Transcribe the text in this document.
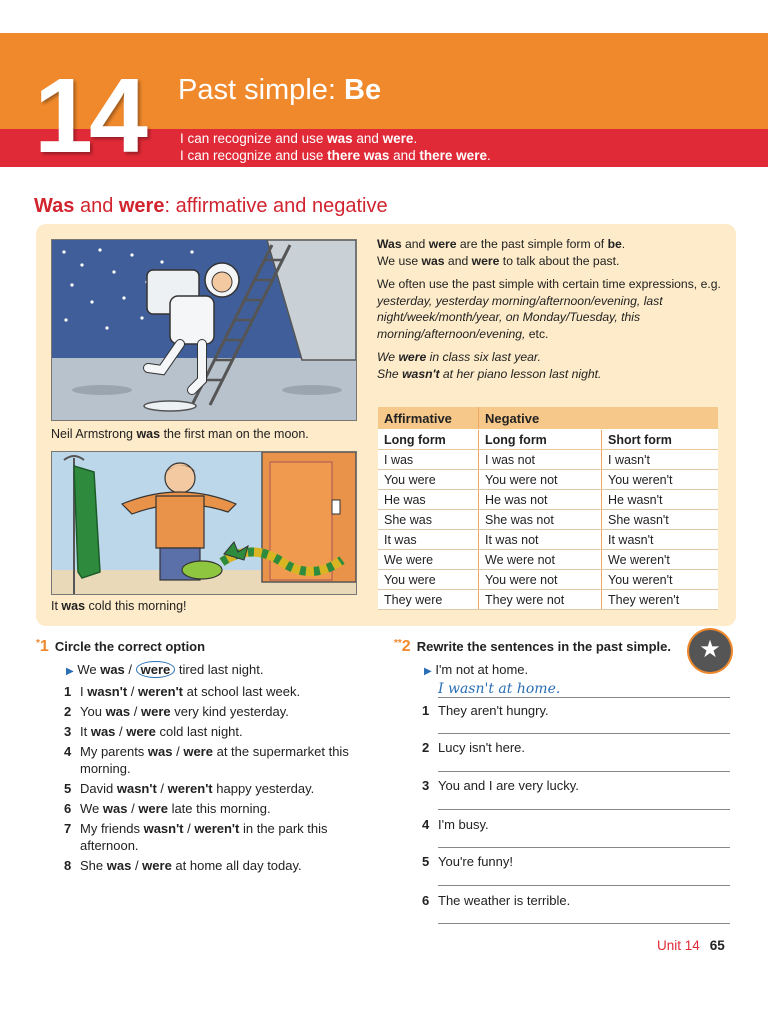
14 Past simple: Be
I can recognize and use was and were.
I can recognize and use there was and there were.
Was and were: affirmative and negative
Neil Armstrong was the first man on the moon.
It was cold this morning!

Was and were are the past simple form of be.
We use was and were to talk about the past.

We often use the past simple with certain time expressions, e.g. yesterday, yesterday morning/afternoon/evening, last night/week/month/year, on Monday/Tuesday, this morning/afternoon/evening, etc.

We were in class six last year.
She wasn't at her piano lesson last night.

Affirmative	Negative	
Long form	Long form	Short form
I was	I was not	I wasn't
You were	You were not	You weren't
He was	He was not	He wasn't
She was	She was not	She wasn't
It was	It was not	It wasn't
We were	We were not	We weren't
You were	You were not	You weren't
They were	They were not	They weren't
*1 Circle the correct option
▶ We was / were tired last night.
1 I wasn't / weren't at school last week.
2 You was / were very kind yesterday.
3 It was / were cold last night.
4 My parents was / were at the supermarket this morning.
5 David wasn't / weren't happy yesterday.
6 We was / were late this morning.
7 My friends wasn't / weren't in the park this afternoon.
8 She was / were at home all day today.
**2 Rewrite the sentences in the past simple.	★
▶ I'm not at home.
I wasn't at home.
1 They aren't hungry.
2 Lucy isn't here.
3 You and I are very lucky.
4 I'm busy.
5 You're funny!
6 The weather is terrible.
Unit 14 65
